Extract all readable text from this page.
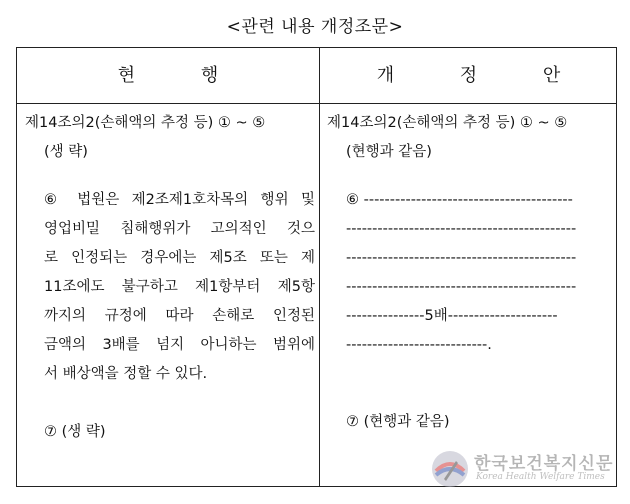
<관련 내용 개정조문>
현 행	개 정 안
제14조의2(손해액의 추정 등) ① ~ ⑤
(생 략)
⑥ 법원은 제2조제1호차목의 행위 및
영업비밀 침해행위가 고의적인 것으
로 인정되는 경우에는 제5조 또는 제
11조에도 불구하고 제1항부터 제5항
까지의 규정에 따라 손해로 인정된
금액의 3배를 넘지 아니하는 범위에
서 배상액을 정할 수 있다.
⑦ (생 략)
제14조의2(손해액의 추정 등) ① ~ ⑤
(현행과 같음)
⑥ ----------------------------------------
--------------------------------------------
--------------------------------------------
--------------------------------------------
---------------5배---------------------
---------------------------.
⑦ (현행과 같음)
한국보건복지신문
Korea Health Welfare Times
